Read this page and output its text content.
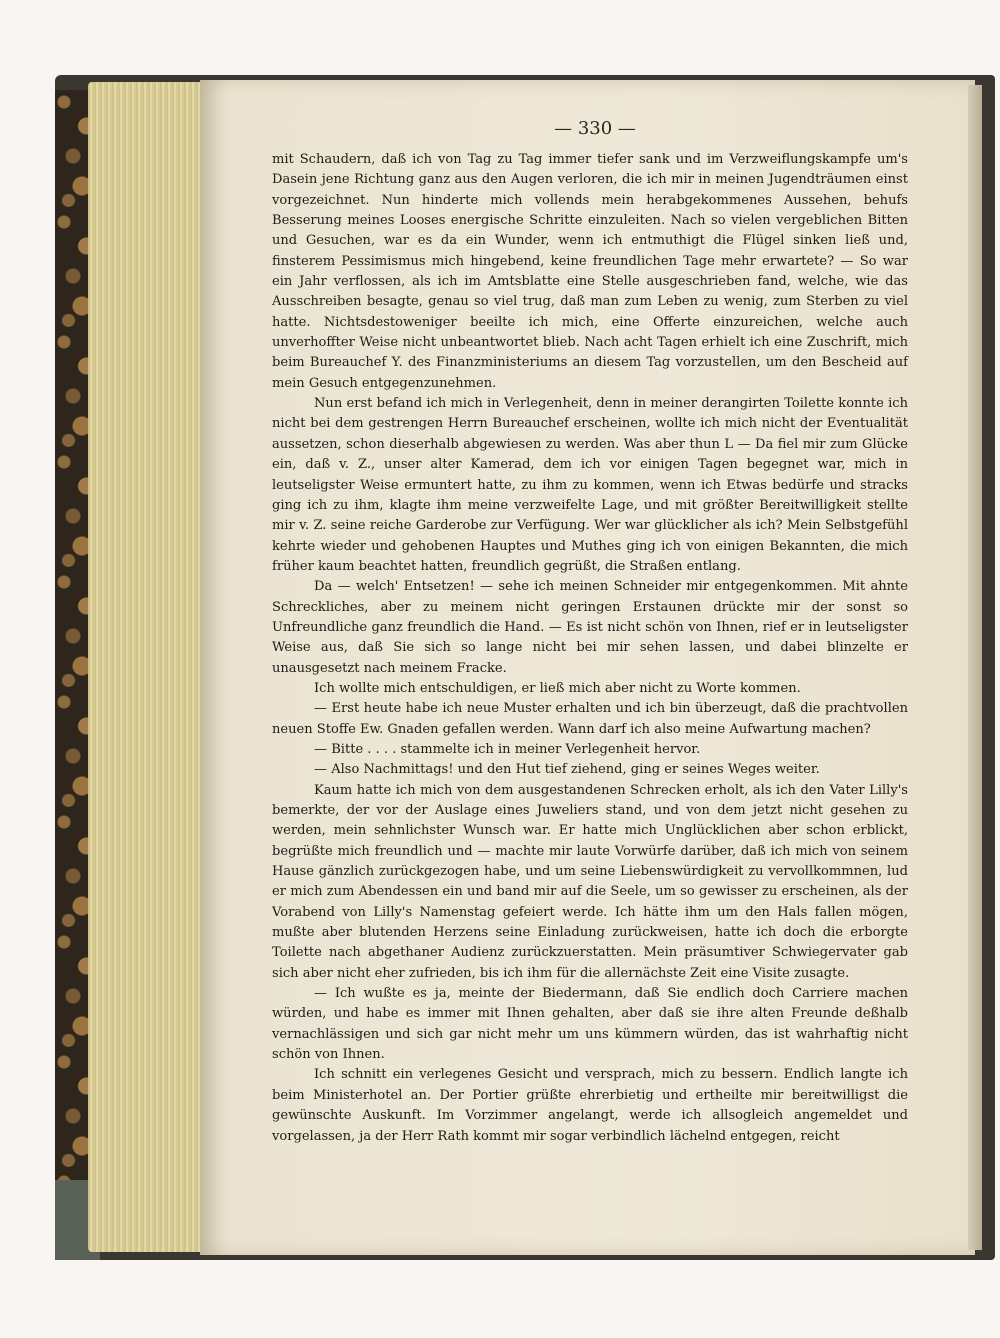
— 330 —

mit Schaudern, daß ich von Tag zu Tag immer tiefer sank und im Verzweiflungskampfe um's Dasein jene Richtung ganz aus den Augen verloren, die ich mir in meinen Jugendträumen einst vorgezeichnet. Nun hinderte mich vollends mein herabgekommenes Aussehen, behufs Besserung meines Looses energische Schritte einzuleiten. Nach so vielen vergeblichen Bitten und Gesuchen, war es da ein Wunder, wenn ich entmuthigt die Flügel sinken ließ und, finsterem Pessimismus mich hingebend, keine freundlichen Tage mehr erwartete? — So war ein Jahr verflossen, als ich im Amtsblatte eine Stelle ausgeschrieben fand, welche, wie das Ausschreiben besagte, genau so viel trug, daß man zum Leben zu wenig, zum Sterben zu viel hatte. Nichtsdestoweniger beeilte ich mich, eine Offerte einzureichen, welche auch unverhoffter Weise nicht unbeantwortet blieb. Nach acht Tagen erhielt ich eine Zuschrift, mich beim Bureauchef Y. des Finanzministeriums an diesem Tag vorzustellen, um den Bescheid auf mein Gesuch entgegenzunehmen.

Nun erst befand ich mich in Verlegenheit, denn in meiner derangirten Toilette konnte ich nicht bei dem gestrengen Herrn Bureauchef erscheinen, wollte ich mich nicht der Eventualität aussetzen, schon dieserhalb abgewiesen zu werden. Was aber thun L — Da fiel mir zum Glücke ein, daß v. Z., unser alter Kamerad, dem ich vor einigen Tagen begegnet war, mich in leutseligster Weise ermuntert hatte, zu ihm zu kommen, wenn ich Etwas bedürfe und stracks ging ich zu ihm, klagte ihm meine verzweifelte Lage, und mit größter Bereitwilligkeit stellte mir v. Z. seine reiche Garderobe zur Verfügung. Wer war glücklicher als ich? Mein Selbstgefühl kehrte wieder und gehobenen Hauptes und Muthes ging ich von einigen Bekannten, die mich früher kaum beachtet hatten, freundlich gegrüßt, die Straßen entlang.

Da — welch' Entsetzen! — sehe ich meinen Schneider mir entgegenkommen. Mit ahnte Schreckliches, aber zu meinem nicht geringen Erstaunen drückte mir der sonst so Unfreundliche ganz freundlich die Hand. — Es ist nicht schön von Ihnen, rief er in leutseligster Weise aus, daß Sie sich so lange nicht bei mir sehen lassen, und dabei blinzelte er unausgesetzt nach meinem Fracke.

Ich wollte mich entschuldigen, er ließ mich aber nicht zu Worte kommen.

— Erst heute habe ich neue Muster erhalten und ich bin überzeugt, daß die prachtvollen neuen Stoffe Ew. Gnaden gefallen werden. Wann darf ich also meine Aufwartung machen?

— Bitte . . . . stammelte ich in meiner Verlegenheit hervor.

— Also Nachmittags! und den Hut tief ziehend, ging er seines Weges weiter.

Kaum hatte ich mich von dem ausgestandenen Schrecken erholt, als ich den Vater Lilly's bemerkte, der vor der Auslage eines Juweliers stand, und von dem jetzt nicht gesehen zu werden, mein sehnlichster Wunsch war. Er hatte mich Unglücklichen aber schon erblickt, begrüßte mich freundlich und — machte mir laute Vorwürfe darüber, daß ich mich von seinem Hause gänzlich zurückgezogen habe, und um seine Liebenswürdigkeit zu vervollkommnen, lud er mich zum Abendessen ein und band mir auf die Seele, um so gewisser zu erscheinen, als der Vorabend von Lilly's Namenstag gefeiert werde. Ich hätte ihm um den Hals fallen mögen, mußte aber blutenden Herzens seine Einladung zurückweisen, hatte ich doch die erborgte Toilette nach abgethaner Audienz zurückzuerstatten. Mein präsumtiver Schwiegervater gab sich aber nicht eher zufrieden, bis ich ihm für die allernächste Zeit eine Visite zusagte.

— Ich wußte es ja, meinte der Biedermann, daß Sie endlich doch Carriere machen würden, und habe es immer mit Ihnen gehalten, aber daß sie ihre alten Freunde deßhalb vernachlässigen und sich gar nicht mehr um uns kümmern würden, das ist wahrhaftig nicht schön von Ihnen.

Ich schnitt ein verlegenes Gesicht und versprach, mich zu bessern. Endlich langte ich beim Ministerhotel an. Der Portier grüßte ehrerbietig und ertheilte mir bereitwilligst die gewünschte Auskunft. Im Vorzimmer angelangt, werde ich allsogleich angemeldet und vorgelassen, ja der Herr Rath kommt mir sogar verbindlich lächelnd entgegen, reicht
